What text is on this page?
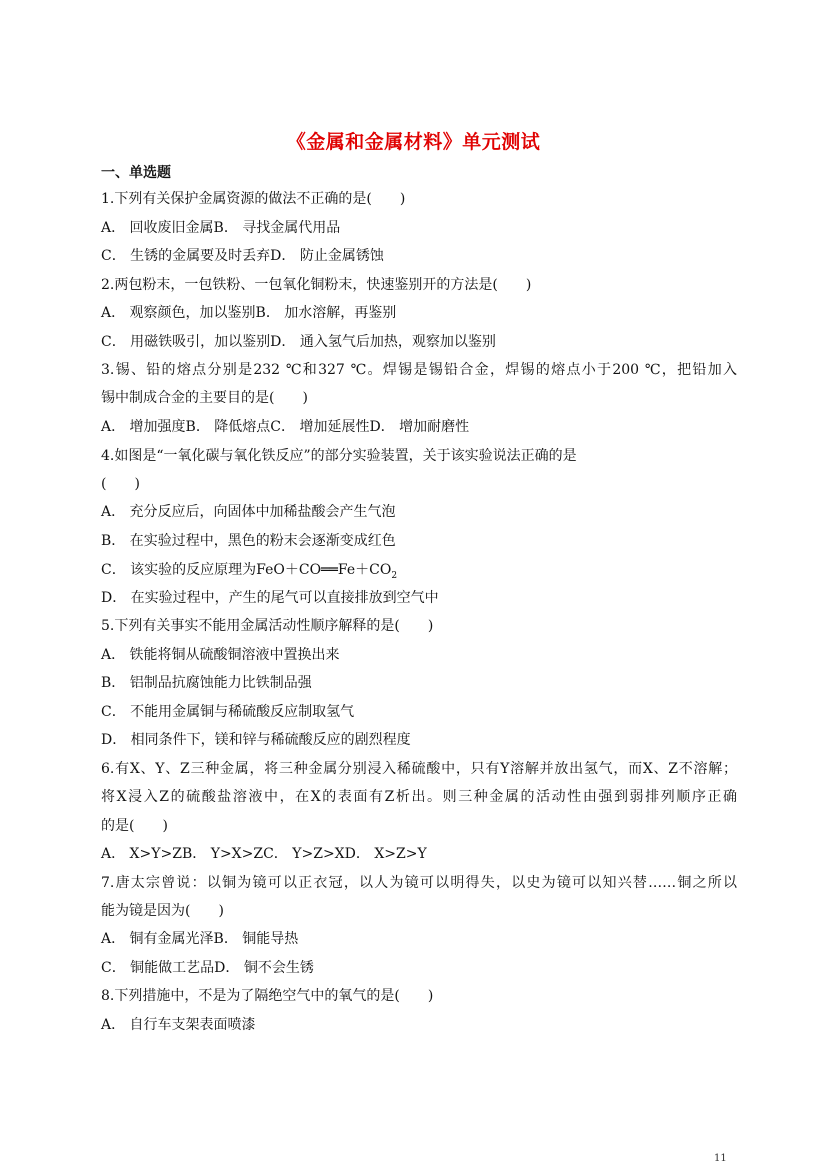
《金属和金属材料》单元测试
一、单选题
1.下列有关保护金属资源的做法不正确的是(　　)
A． 回收废旧金属B． 寻找金属代用品
C． 生锈的金属要及时丢弃D． 防止金属锈蚀
2.两包粉末，一包铁粉、一包氧化铜粉末，快速鉴别开的方法是(　　)
A． 观察颜色，加以鉴别B． 加水溶解，再鉴别
C． 用磁铁吸引，加以鉴别D． 通入氢气后加热，观察加以鉴别
3.锡、铅的熔点分别是232 ℃和327 ℃。焊锡是锡铅合金，焊锡的熔点小于200 ℃，把铅加入
锡中制成合金的主要目的是(　　)
A． 增加强度B． 降低熔点C． 增加延展性D． 增加耐磨性
4.如图是“一氧化碳与氧化铁反应”的部分实验装置，关于该实验说法正确的是
(　　)
A． 充分反应后，向固体中加稀盐酸会产生气泡
B． 在实验过程中，黑色的粉末会逐渐变成红色
C． 该实验的反应原理为$FeO+CO══Fe+CO_2$
D． 在实验过程中，产生的尾气可以直接排放到空气中
5.下列有关事实不能用金属活动性顺序解释的是(　　)
A． 铁能将铜从硫酸铜溶液中置换出来
B． 铝制品抗腐蚀能力比铁制品强
C． 不能用金属铜与稀硫酸反应制取氢气
D． 相同条件下，镁和锌与稀硫酸反应的剧烈程度
6.有X、Y、Z三种金属，将三种金属分别浸入稀硫酸中，只有Y溶解并放出氢气，而X、Z不溶解；
将X浸入Z的硫酸盐溶液中，在X的表面有Z析出。则三种金属的活动性由强到弱排列顺序正确
的是(　　)
A． X>Y>ZB． Y>X>ZC． Y>Z>XD． X>Z>Y
7.唐太宗曾说：以铜为镜可以正衣冠，以人为镜可以明得失，以史为镜可以知兴替……铜之所以
能为镜是因为(　　)
A． 铜有金属光泽B． 铜能导热
C． 铜能做工艺品D． 铜不会生锈
8.下列措施中，不是为了隔绝空气中的氧气的是(　　)
A． 自行车支架表面喷漆
11
